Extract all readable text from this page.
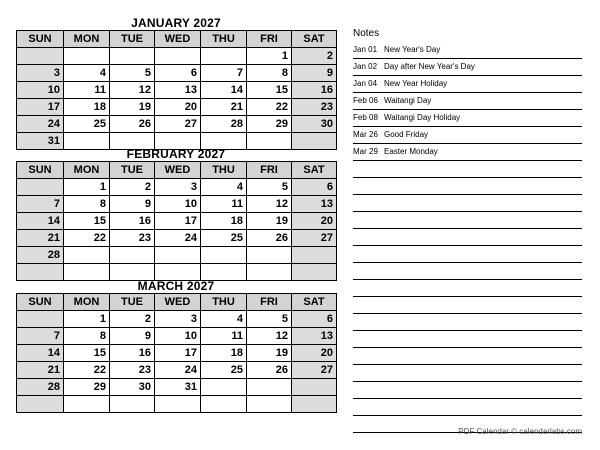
JANUARY 2027
SUN	MON	TUE	WED	THU	FRI	SAT
					1	2
3	4	5	6	7	8	9
10	11	12	13	14	15	16
17	18	19	20	21	22	23
24	25	26	27	28	29	30
31						
FEBRUARY 2027
SUN	MON	TUE	WED	THU	FRI	SAT
	1	2	3	4	5	6
7	8	9	10	11	12	13
14	15	16	17	18	19	20
21	22	23	24	25	26	27
28						

MARCH 2027
SUN	MON	TUE	WED	THU	FRI	SAT
	1	2	3	4	5	6
7	8	9	10	11	12	13
14	15	16	17	18	19	20
21	22	23	24	25	26	27
28	29	30	31			

Notes
Jan 01 New Year's Day
Jan 02 Day after New Year's Day
Jan 04 New Year Holiday
Feb 06 Waitangi Day
Feb 08 Waitangi Day Holiday
Mar 26 Good Friday
Mar 29 Easter Monday
PDF Calendar © calendarlabs.com
